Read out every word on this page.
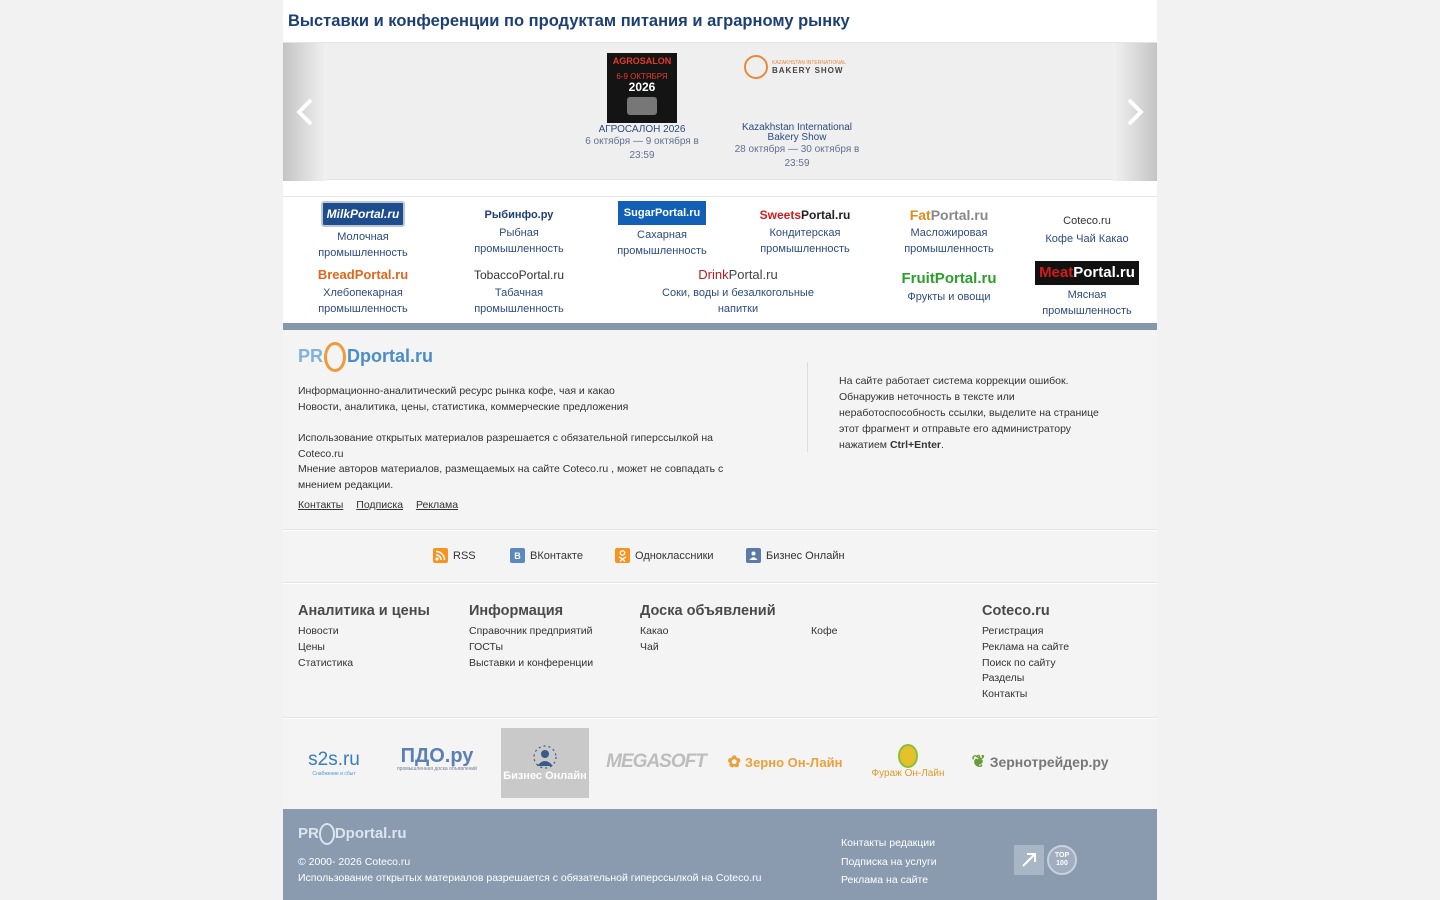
Выставки и конференции по продуктам питания и аграрному рынку
AGROSALON
6-9 ОКТЯБРЯ
2026
АГРОСАЛОН 2026
6 октября — 9 октября в 23:59
KAZAKHSTAN INTERNATIONAL
BAKERY SHOW
Kazakhstan International Bakery Show
28 октября — 30 октября в 23:59
MilkPortal.ru
Молочная промышленность
Рыбинфо.ру
Рыбная промышленность
SugarPortal.ru
Сахарная промышленность
SweetsPortal.ru
Кондитерская промышленность
FatPortal.ru
Масложировая промышленность
Coteco.ru
Кофе Чай Какао
BreadPortal.ru
Хлебопекарная промышленность
TobaccoPortal.ru
Табачная промышленность
DrinkPortal.ru
Соки, воды и безалкогольные напитки
FruitPortal.ru
Фрукты и овощи
MeatPortal.ru
Мясная промышленность
PR Dportal.ru
Информационно-аналитический ресурс рынка кофе, чая и какао
Новости, аналитика, цены, статистика, коммерческие предложения
Использование открытых материалов разрешается с обязательной гиперссылкой на Coteco.ru
Мнение авторов материалов, размещаемых на сайте Coteco.ru , может не совпадать с мнением редакции.
Контакты Подписка Реклама
На сайте работает система коррекции ошибок. Обнаружив неточность в тексте или неработоспособность ссылки, выделите на странице этот фрагмент и отправьте его администратору нажатием Ctrl+Enter.
RSS	В ВКонтакте	Одноклассники	Бизнес Онлайн
Аналитика и цены
Новости
Цены
Статистика
Информация
Справочник предприятий
ГОСТы
Выставки и конференции
Доска объявлений
Какао
Чай
Кофе
Coteco.ru
Регистрация
Реклама на сайте
Поиск по сайту
Разделы
Контакты
s2s.ru
Снабжение и сбыт
ПДО.ру
промышленная доска объявлений
Бизнес Онлайн
MEGASOFT ✿ Зерно Он-Лайн
Фураж Он-Лайн
❦ Зернотрейдер.ру
PR Dportal.ru
© 2000- 2026 Coteco.ru
Использование открытых материалов разрешается с обязательной гиперссылкой на Coteco.ru
Контакты редакции
Подписка на услуги
Реклама на сайте
TOP 100
